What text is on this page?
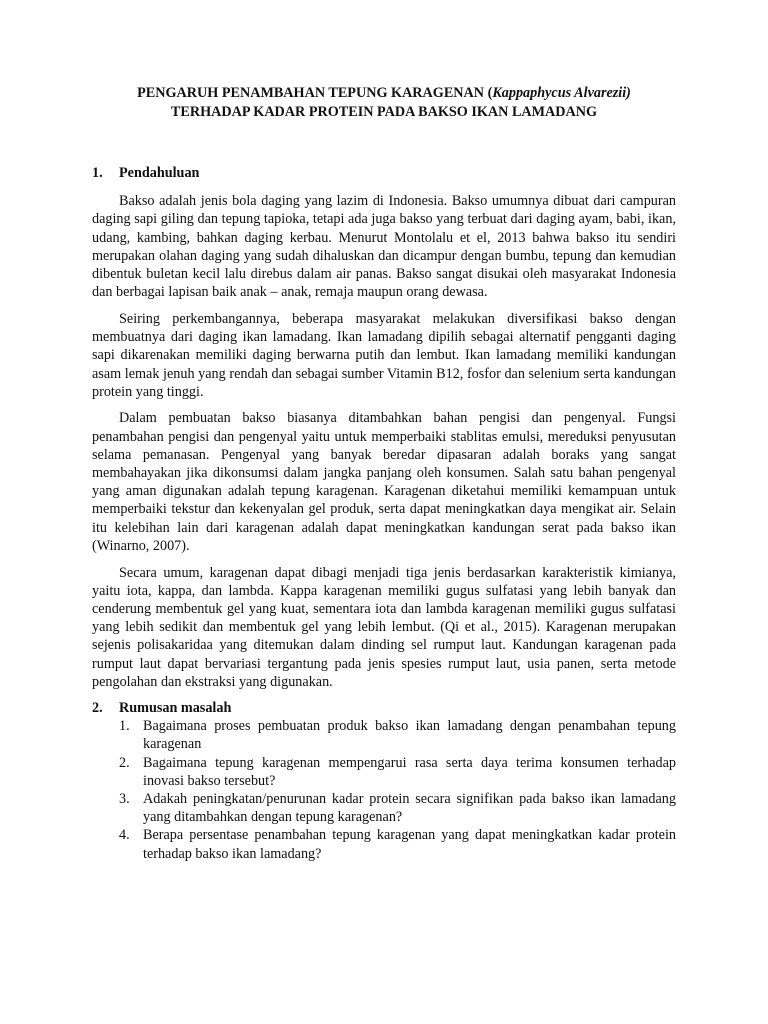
PENGARUH PENAMBAHAN TEPUNG KARAGENAN (Kappaphycus Alvarezii)
TERHADAP KADAR PROTEIN PADA BAKSO IKAN LAMADANG
1.	Pendahuluan

Bakso adalah jenis bola daging yang lazim di Indonesia. Bakso umumnya dibuat dari campuran daging sapi giling dan tepung tapioka, tetapi ada juga bakso yang terbuat dari daging ayam, babi, ikan, udang, kambing, bahkan daging kerbau. Menurut Montolalu et el, 2013 bahwa bakso itu sendiri merupakan olahan daging yang sudah dihaluskan dan dicampur dengan bumbu, tepung dan kemudian dibentuk buletan kecil lalu direbus dalam air panas. Bakso sangat disukai oleh masyarakat Indonesia dan berbagai lapisan baik anak – anak, remaja maupun orang dewasa.

Seiring perkembangannya, beberapa masyarakat melakukan diversifikasi bakso dengan membuatnya dari daging ikan lamadang. Ikan lamadang dipilih sebagai alternatif pengganti daging sapi dikarenakan memiliki daging berwarna putih dan lembut. Ikan lamadang memiliki kandungan asam lemak jenuh yang rendah dan sebagai sumber Vitamin B12, fosfor dan selenium serta kandungan protein yang tinggi.

Dalam pembuatan bakso biasanya ditambahkan bahan pengisi dan pengenyal. Fungsi penambahan pengisi dan pengenyal yaitu untuk memperbaiki stablitas emulsi, mereduksi penyusutan selama pemanasan. Pengenyal yang banyak beredar dipasaran adalah boraks yang sangat membahayakan jika dikonsumsi dalam jangka panjang oleh konsumen. Salah satu bahan pengenyal yang aman digunakan adalah tepung karagenan. Karagenan diketahui memiliki kemampuan untuk memperbaiki tekstur dan kekenyalan gel produk, serta dapat meningkatkan daya mengikat air. Selain itu kelebihan lain dari karagenan adalah dapat meningkatkan kandungan serat pada bakso ikan (Winarno, 2007).

Secara umum, karagenan dapat dibagi menjadi tiga jenis berdasarkan karakteristik kimianya, yaitu iota, kappa, dan lambda. Kappa karagenan memiliki gugus sulfatasi yang lebih banyak dan cenderung membentuk gel yang kuat, sementara iota dan lambda karagenan memiliki gugus sulfatasi yang lebih sedikit dan membentuk gel yang lebih lembut. (Qi et al., 2015). Karagenan merupakan sejenis polisakaridaa yang ditemukan dalam dinding sel rumput laut. Kandungan karagenan pada rumput laut dapat bervariasi tergantung pada jenis spesies rumput laut, usia panen, serta metode pengolahan dan ekstraksi yang digunakan.

2.	Rumusan masalah
1. Bagaimana proses pembuatan produk bakso ikan lamadang dengan penambahan tepung karagenan
2. Bagaimana tepung karagenan mempengarui rasa serta daya terima konsumen terhadap inovasi bakso tersebut?
3. Adakah peningkatan/penurunan kadar protein secara signifikan pada bakso ikan lamadang yang ditambahkan dengan tepung karagenan?
4. Berapa persentase penambahan tepung karagenan yang dapat meningkatkan kadar protein terhadap bakso ikan lamadang?
